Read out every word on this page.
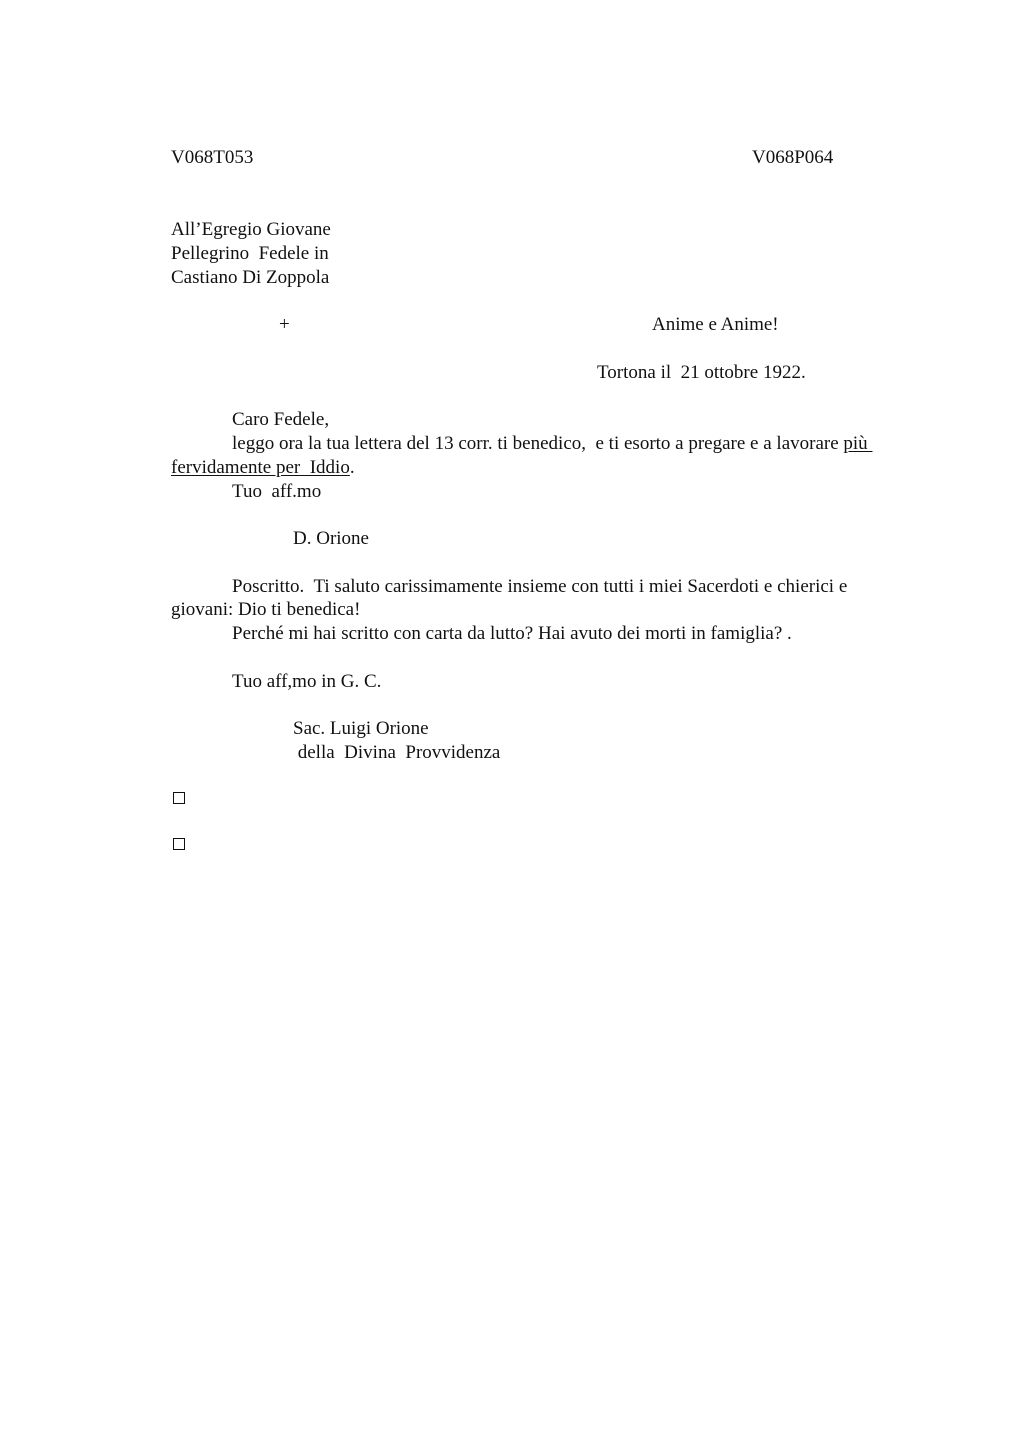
V068T053	V068P064
All’Egregio Giovane
Pellegrino  Fedele in
Castiano Di Zoppola
+	Anime e Anime!
Tortona il  21 ottobre 1922.
Caro Fedele,
leggo ora la tua lettera del 13 corr. ti benedico,  e ti esorto a pregare e a lavorare più
fervidamente per  Iddio.
Tuo  aff.mo
D. Orione
Poscritto.  Ti saluto carissimamente insieme con tutti i miei Sacerdoti e chierici e
giovani: Dio ti benedica!
Perché mi hai scritto con carta da lutto? Hai avuto dei morti in famiglia? .
Tuo aff,mo in G. C.
Sac. Luigi Orione
della  Divina  Provvidenza
